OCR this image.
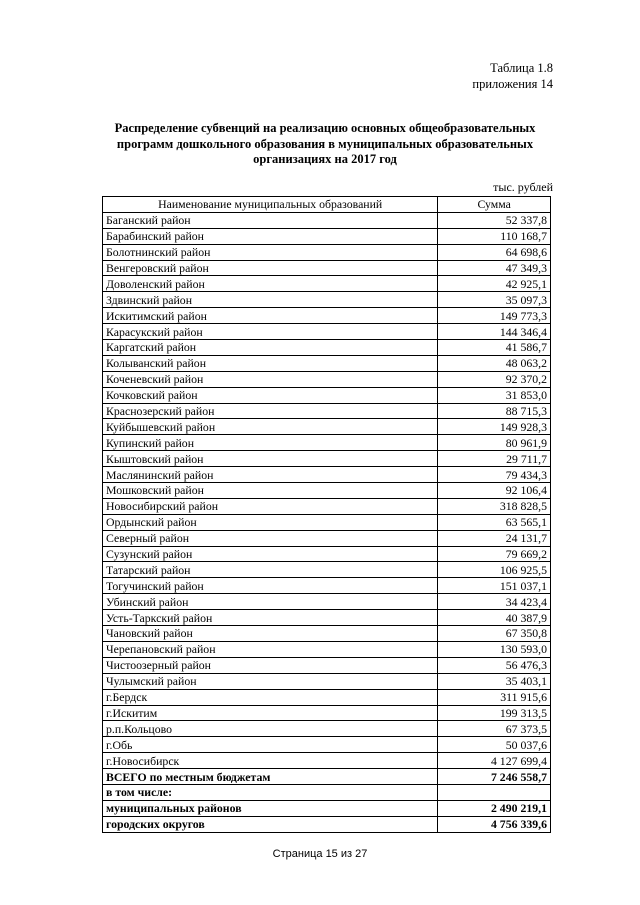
Таблица 1.8
приложения 14
Распределение субвенций на реализацию основных общеобразовательных
программ дошкольного образования в муниципальных образовательных
организациях на 2017 год
тыс. рублей
Наименование муниципальных образований	Сумма
Баганский район	52 337,8
Барабинский район	110 168,7
Болотнинский район	64 698,6
Венгеровский район	47 349,3
Доволенский район	42 925,1
Здвинский район	35 097,3
Искитимский район	149 773,3
Карасукский район	144 346,4
Каргатский район	41 586,7
Колыванский район	48 063,2
Коченевский район	92 370,2
Кочковский район	31 853,0
Краснозерский район	88 715,3
Куйбышевский район	149 928,3
Купинский район	80 961,9
Кыштовский район	29 711,7
Маслянинский район	79 434,3
Мошковский район	92 106,4
Новосибирский район	318 828,5
Ордынский район	63 565,1
Северный район	24 131,7
Сузунский район	79 669,2
Татарский район	106 925,5
Тогучинский район	151 037,1
Убинский район	34 423,4
Усть-Таркский район	40 387,9
Чановский район	67 350,8
Черепановский район	130 593,0
Чистоозерный район	56 476,3
Чулымский район	35 403,1
г.Бердск	311 915,6
г.Искитим	199 313,5
р.п.Кольцово	67 373,5
г.Обь	50 037,6
г.Новосибирск	4 127 699,4
ВСЕГО по местным бюджетам	7 246 558,7
в том числе:	
муниципальных районов	2 490 219,1
городских округов	4 756 339,6
Страница 15 из 27
